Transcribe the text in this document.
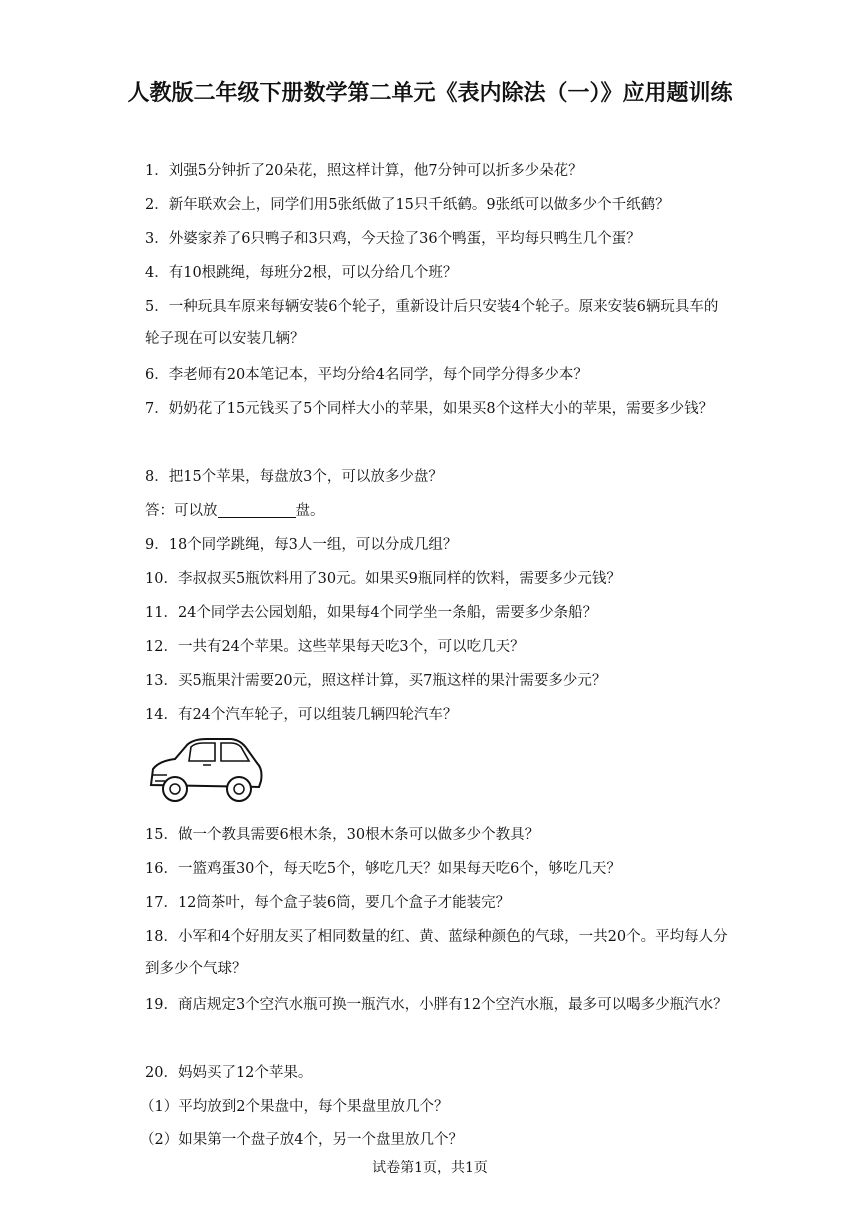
人教版二年级下册数学第二单元《表内除法（一）》应用题训练
1．刘强5分钟折了20朵花，照这样计算，他7分钟可以折多少朵花？
2．新年联欢会上，同学们用5张纸做了15只千纸鹤。9张纸可以做多少个千纸鹤？
3．外婆家养了6只鸭子和3只鸡，今天捡了36个鸭蛋，平均每只鸭生几个蛋？
4．有10根跳绳，每班分2根，可以分给几个班？
5．一种玩具车原来每辆安装6个轮子，重新设计后只安装4个轮子。原来安装6辆玩具车的轮子现在可以安装几辆？
6．李老师有20本笔记本，平均分给4名同学，每个同学分得多少本？
7．奶奶花了15元钱买了5个同样大小的苹果，如果买8个这样大小的苹果，需要多少钱？
8．把15个苹果，每盘放3个，可以放多少盘？
答：可以放	盘。
9．18个同学跳绳，每3人一组，可以分成几组？
10．李叔叔买5瓶饮料用了30元。如果买9瓶同样的饮料，需要多少元钱？
11．24个同学去公园划船，如果每4个同学坐一条船，需要多少条船？
12．一共有24个苹果。这些苹果每天吃3个，可以吃几天？
13．买5瓶果汁需要20元，照这样计算，买7瓶这样的果汁需要多少元？
14．有24个汽车轮子，可以组装几辆四轮汽车？
15．做一个教具需要6根木条，30根木条可以做多少个教具？
16．一篮鸡蛋30个，每天吃5个，够吃几天？如果每天吃6个，够吃几天？
17．12筒茶叶，每个盒子装6筒，要几个盒子才能装完？
18．小军和4个好朋友买了相同数量的红、黄、蓝绿种颜色的气球，一共20个。平均每人分到多少个气球？
19．商店规定3个空汽水瓶可换一瓶汽水，小胖有12个空汽水瓶，最多可以喝多少瓶汽水？
20．妈妈买了12个苹果。
（1）平均放到2个果盘中，每个果盘里放几个？
（2）如果第一个盘子放4个，另一个盘里放几个？
试卷第1页，共1页
